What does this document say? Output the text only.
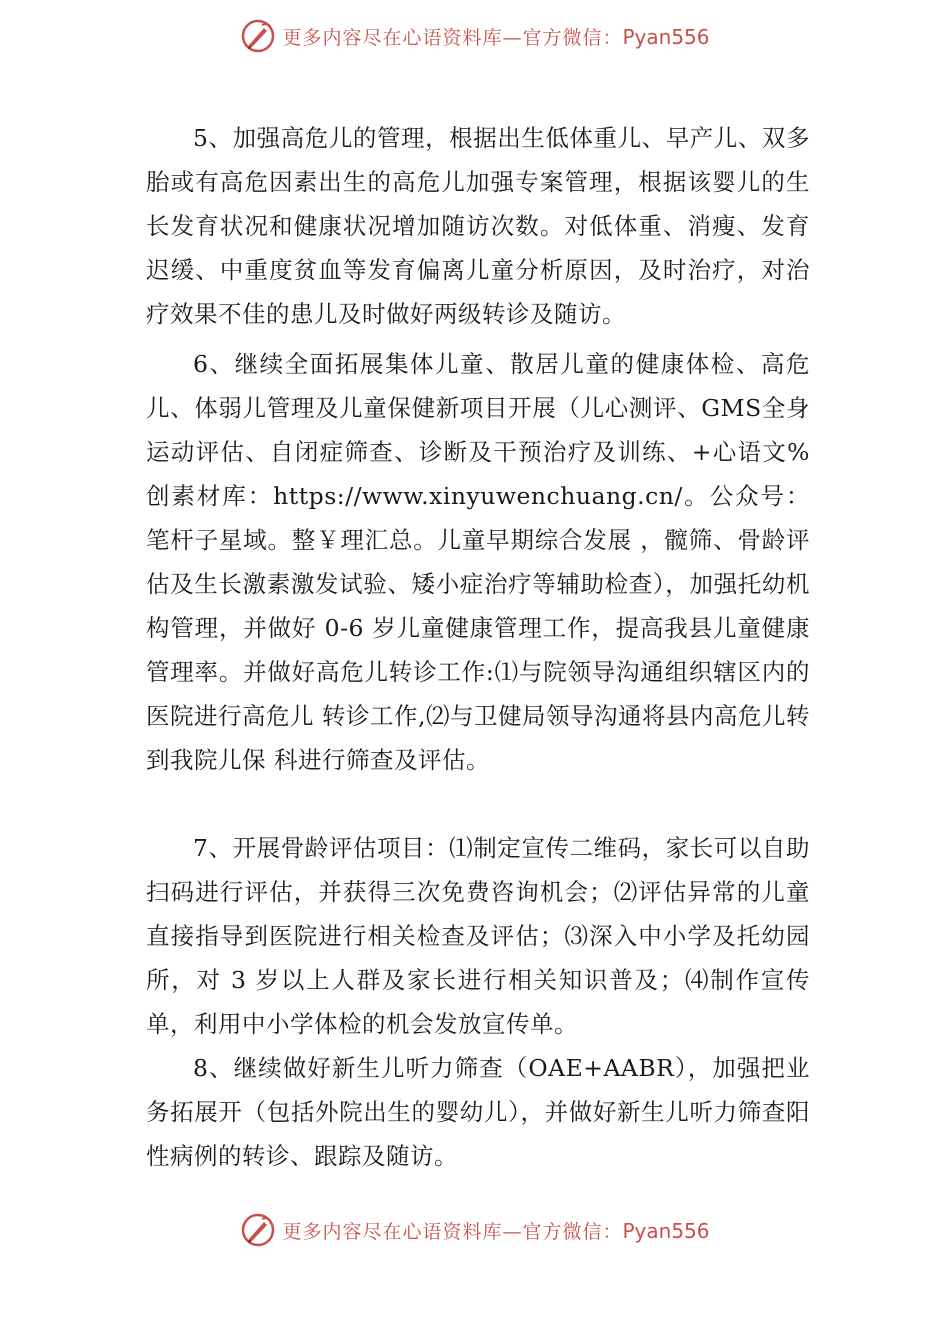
更多内容尽在心语资料库—官方微信：Pyan556

5、加强高危儿的管理，根据出生低体重儿、早产儿、双多胎或有高危因素出生的高危儿加强专案管理，根据该婴儿的生长发育状况和健康状况增加随访次数。对低体重、消瘦、发育迟缓、中重度贫血等发育偏离儿童分析原因，及时治疗，对治疗效果不佳的患儿及时做好两级转诊及随访。

6、继续全面拓展集体儿童、散居儿童的健康体检、高危儿、体弱儿管理及儿童保健新项目开展（儿心测评、GMS全身运动评估、自闭症筛查、诊断及干预治疗及训练、+心语文%创素材库：https://www.xinyuwenchuang.cn/。公众号：笔杆子星域。整￥理汇总。儿童早期综合发展 ，髋筛、骨龄评估及生长激素激发试验、矮小症治疗等辅助检查），加强托幼机构管理，并做好 0-6 岁儿童健康管理工作，提高我县儿童健康管理率。并做好高危儿转诊工作:⑴与院领导沟通组织辖区内的医院进行高危儿 转诊工作,⑵与卫健局领导沟通将县内高危儿转到我院儿保 科进行筛查及评估。

7、开展骨龄评估项目：⑴制定宣传二维码，家长可以自助扫码进行评估，并获得三次免费咨询机会；⑵评估异常的儿童直接指导到医院进行相关检查及评估；⑶深入中小学及托幼园所，对 3 岁以上人群及家长进行相关知识普及；⑷制作宣传单，利用中小学体检的机会发放宣传单。

8、继续做好新生儿听力筛查（OAE+AABR），加强把业务拓展开（包括外院出生的婴幼儿），并做好新生儿听力筛查阳性病例的转诊、跟踪及随访。

更多内容尽在心语资料库—官方微信：Pyan556
